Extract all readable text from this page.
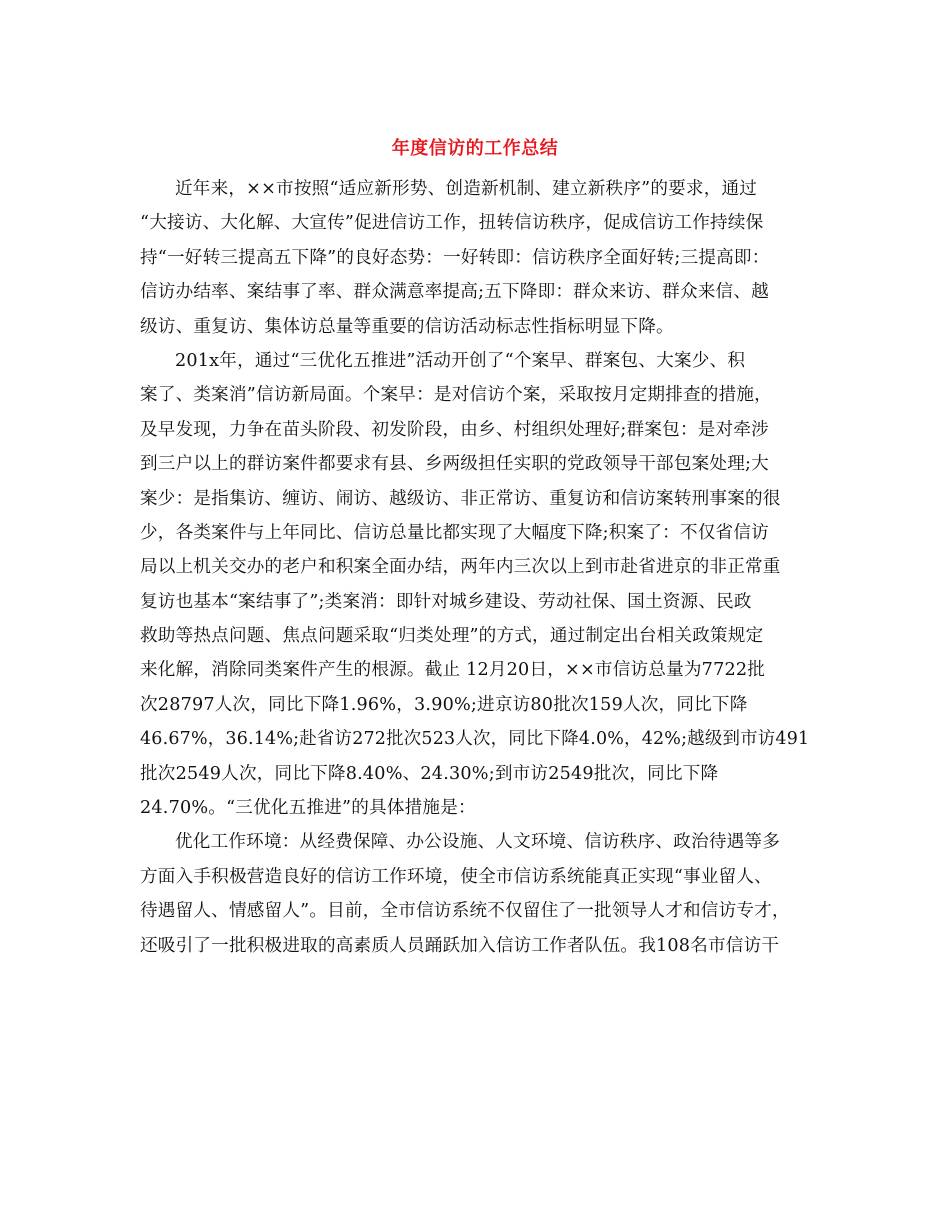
年度信访的工作总结
近年来，××市按照“适应新形势、创造新机制、建立新秩序”的要求，通过
“大接访、大化解、大宣传”促进信访工作，扭转信访秩序，促成信访工作持续保
持“一好转三提高五下降”的良好态势：一好转即：信访秩序全面好转;三提高即：
信访办结率、案结事了率、群众满意率提高;五下降即：群众来访、群众来信、越
级访、重复访、集体访总量等重要的信访活动标志性指标明显下降。
201x年，通过“三优化五推进”活动开创了“个案早、群案包、大案少、积
案了、类案消”信访新局面。个案早：是对信访个案，采取按月定期排查的措施，
及早发现，力争在苗头阶段、初发阶段，由乡、村组织处理好;群案包：是对牵涉
到三户以上的群访案件都要求有县、乡两级担任实职的党政领导干部包案处理;大
案少：是指集访、缠访、闹访、越级访、非正常访、重复访和信访案转刑事案的很
少，各类案件与上年同比、信访总量比都实现了大幅度下降;积案了：不仅省信访
局以上机关交办的老户和积案全面办结，两年内三次以上到市赴省进京的非正常重
复访也基本“案结事了”;类案消：即针对城乡建设、劳动社保、国土资源、民政
救助等热点问题、焦点问题采取“归类处理”的方式，通过制定出台相关政策规定
来化解，消除同类案件产生的根源。截止 12月20日，××市信访总量为7722批
次28797人次，同比下降1.96%，3.90%;进京访80批次159人次，同比下降
46.67%，36.14%;赴省访272批次523人次，同比下降4.0%，42%;越级到市访491
批次2549人次，同比下降8.40%、24.30%;到市访2549批次，同比下降
24.70%。“三优化五推进”的具体措施是：
优化工作环境：从经费保障、办公设施、人文环境、信访秩序、政治待遇等多
方面入手积极营造良好的信访工作环境，使全市信访系统能真正实现“事业留人、
待遇留人、情感留人”。目前，全市信访系统不仅留住了一批领导人才和信访专才，
还吸引了一批积极进取的高素质人员踊跃加入信访工作者队伍。我108名市信访干
